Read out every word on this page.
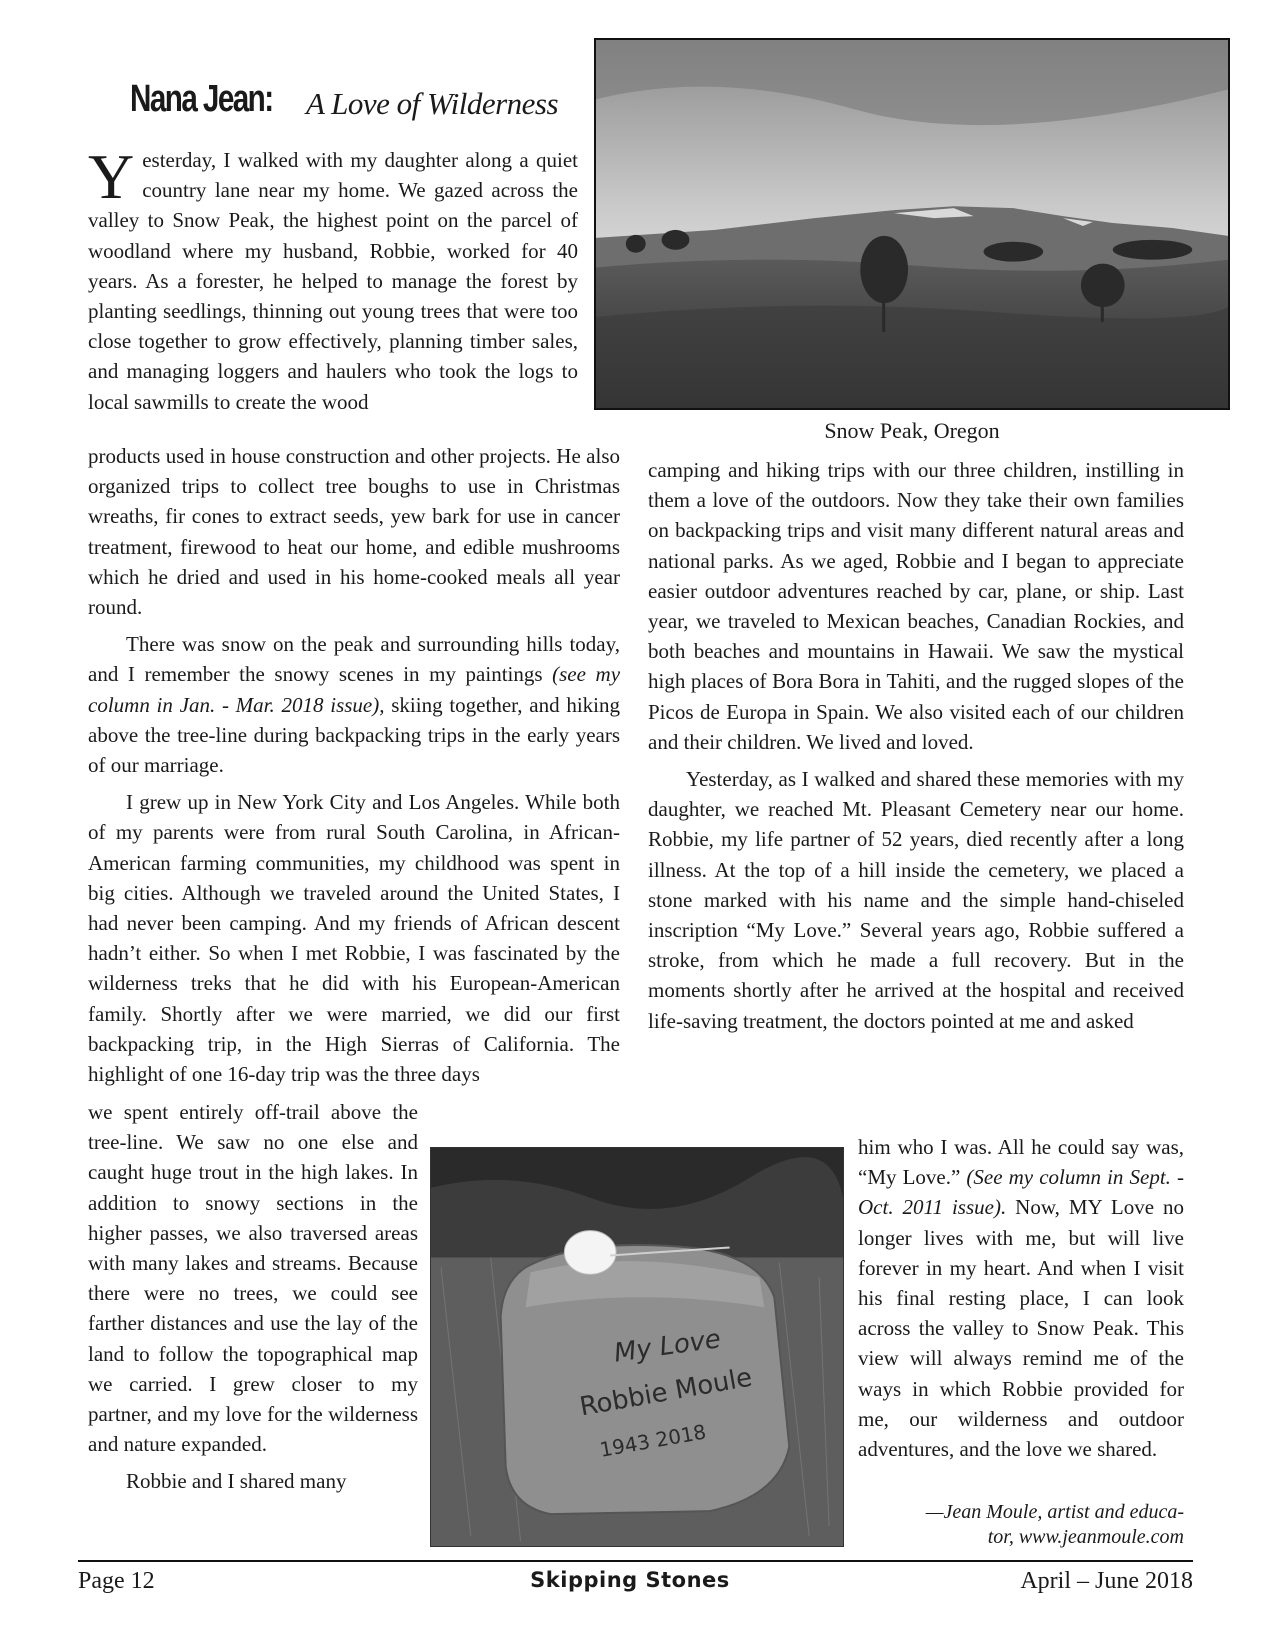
Nana Jean: A Love of Wilderness
Snow Peak, Oregon

Yesterday, I walked with my daughter along a quiet country lane near my home. We gazed across the valley to Snow Peak, the highest point on the parcel of woodland where my husband, Robbie, worked for 40 years. As a forester, he helped to manage the forest by planting seedlings, thinning out young trees that were too close together to grow effectively, planning timber sales, and managing loggers and haulers who took the logs to local sawmills to create the wood

products used in house construction and other projects. He also organized trips to collect tree boughs to use in Christmas wreaths, fir cones to extract seeds, yew bark for use in cancer treatment, firewood to heat our home, and edible mushrooms which he dried and used in his home-cooked meals all year round.

There was snow on the peak and surrounding hills today, and I remember the snowy scenes in my paintings (see my column in Jan. - Mar. 2018 issue), skiing together, and hiking above the tree-line during backpacking trips in the early years of our marriage.

I grew up in New York City and Los Angeles. While both of my parents were from rural South Carolina, in African-American farming communities, my childhood was spent in big cities. Although we traveled around the United States, I had never been camping. And my friends of African descent hadn’t either. So when I met Robbie, I was fascinated by the wilderness treks that he did with his European-American family. Shortly after we were married, we did our first backpacking trip, in the High Sierras of California. The highlight of one 16-day trip was the three days

we spent entirely off-trail above the tree-line. We saw no one else and caught huge trout in the high lakes. In addition to snowy sections in the higher passes, we also traversed areas with many lakes and streams. Because there were no trees, we could see farther distances and use the lay of the land to follow the topographical map we carried. I grew closer to my partner, and my love for the wilderness and nature expanded.

Robbie and I shared many

My Love
Robbie Moule
1943 2018

camping and hiking trips with our three children, instilling in them a love of the outdoors. Now they take their own families on backpacking trips and visit many different natural areas and national parks. As we aged, Robbie and I began to appreciate easier outdoor adventures reached by car, plane, or ship. Last year, we traveled to Mexican beaches, Canadian Rockies, and both beaches and mountains in Hawaii. We saw the mystical high places of Bora Bora in Tahiti, and the rugged slopes of the Picos de Europa in Spain. We also visited each of our children and their children. We lived and loved.

Yesterday, as I walked and shared these memories with my daughter, we reached Mt. Pleasant Cemetery near our home. Robbie, my life partner of 52 years, died recently after a long illness. At the top of a hill inside the cemetery, we placed a stone marked with his name and the simple hand-chiseled inscription “My Love.” Several years ago, Robbie suffered a stroke, from which he made a full recovery. But in the moments shortly after he arrived at the hospital and received life-saving treatment, the doctors pointed at me and asked

him who I was. All he could say was, “My Love.” (See my column in Sept. - Oct. 2011 issue). Now, MY Love no longer lives with me, but will live forever in my heart. And when I visit his final resting place, I can look across the valley to Snow Peak. This view will always remind me of the ways in which Robbie provided for me, our wilderness and outdoor adventures, and the love we shared.

—Jean Moule, artist and educa-
tor, www.jeanmoule.com
Page 12	Skipping Stones	April – June 2018
